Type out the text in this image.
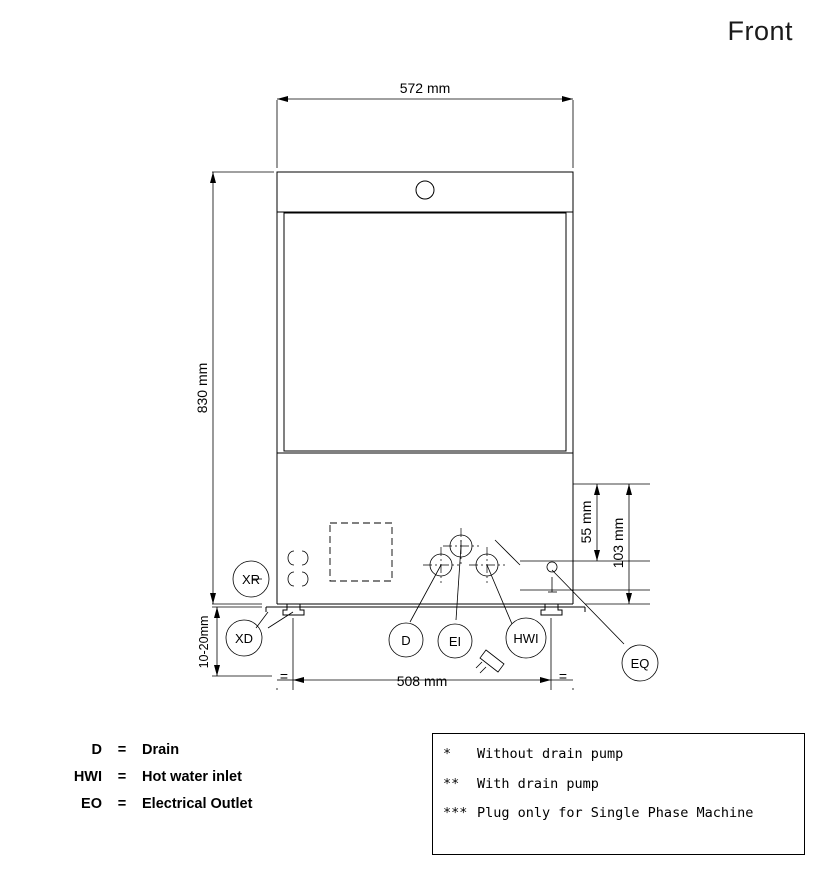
Front
572 mm
830 mm
10-20mm
508 mm
=	=
55 mm 103 mm
XR
XD	D	EI	HWI
EQ
D	=	Drain
HWI	=	Hot water inlet
EO	=	Electrical Outlet
*	Without drain pump
**	With drain pump
*** Plug only for Single Phase Machine
